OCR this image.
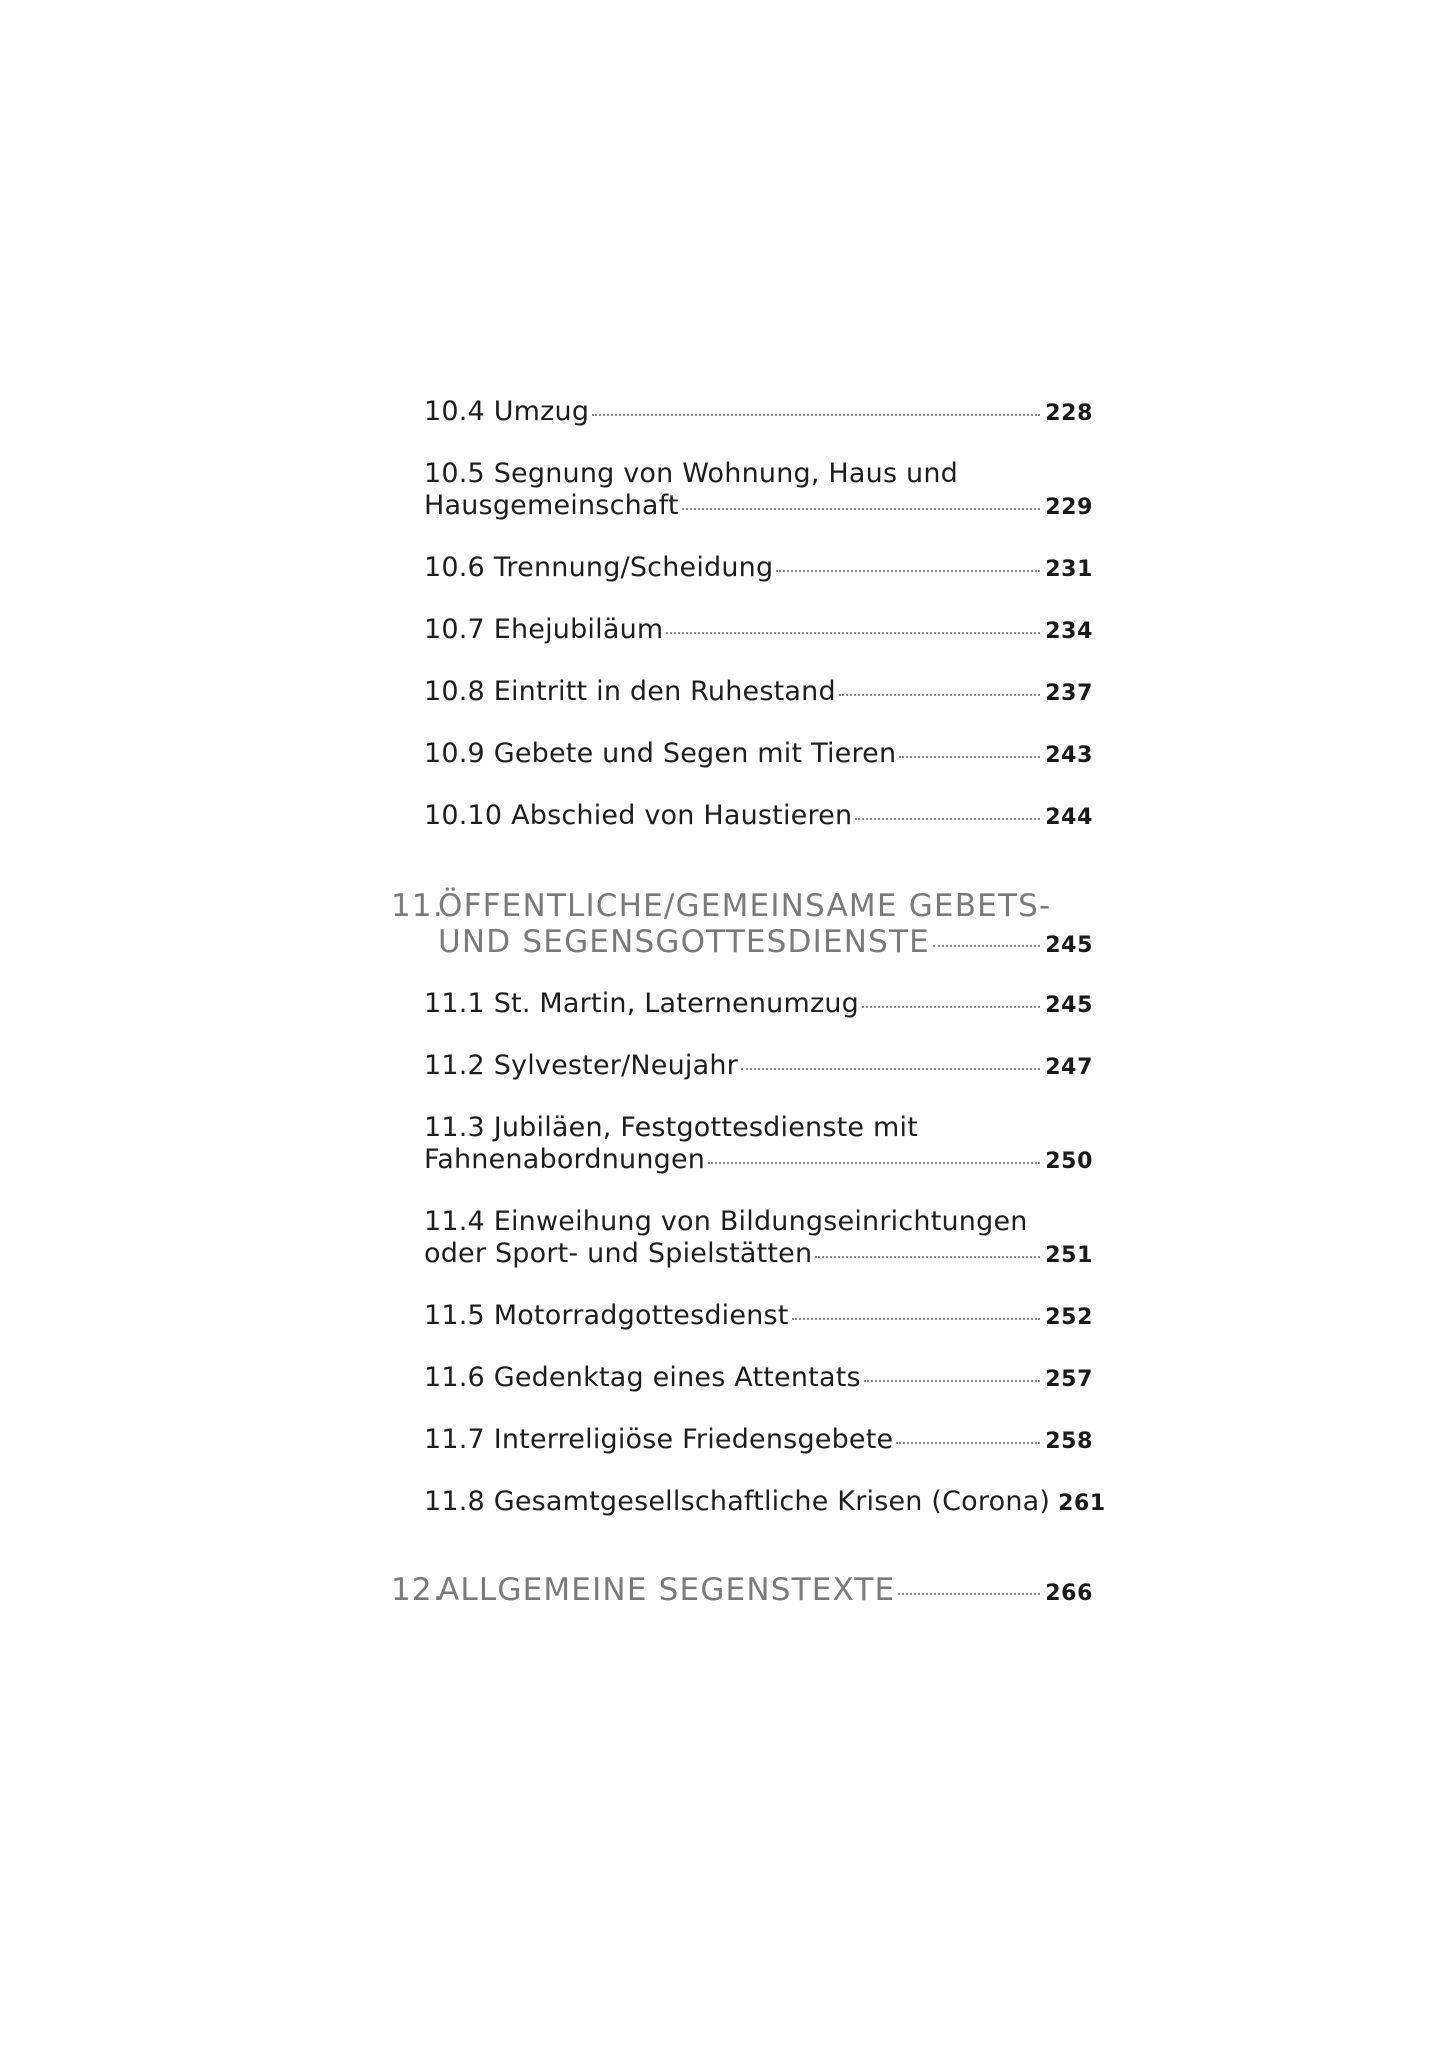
10.4 Umzug	228
10.5 Segnung von Wohnung, Haus und
Hausgemeinschaft	229
10.6 Trennung/Scheidung	231
10.7 Ehejubiläum	234
10.8 Eintritt in den Ruhestand	237
10.9 Gebete und Segen mit Tieren	243
10.10 Abschied von Haustieren	244
11.ÖFFENTLICHE/GEMEINSAME GEBETS-
UND SEGENSGOTTESDIENSTE	245
11.1 St. Martin, Laternenumzug	245
11.2 Sylvester/Neujahr	247
11.3 Jubiläen, Festgottesdienste mit
Fahnenabordnungen	250
11.4 Einweihung von Bildungseinrichtungen
oder Sport- und Spielstätten	251
11.5 Motorradgottesdienst	252
11.6 Gedenktag eines Attentats	257
11.7 Interreligiöse Friedensgebete	258
11.8 Gesamtgesellschaftliche Krisen (Corona) 261
12.ALLGEMEINE SEGENSTEXTE	266
